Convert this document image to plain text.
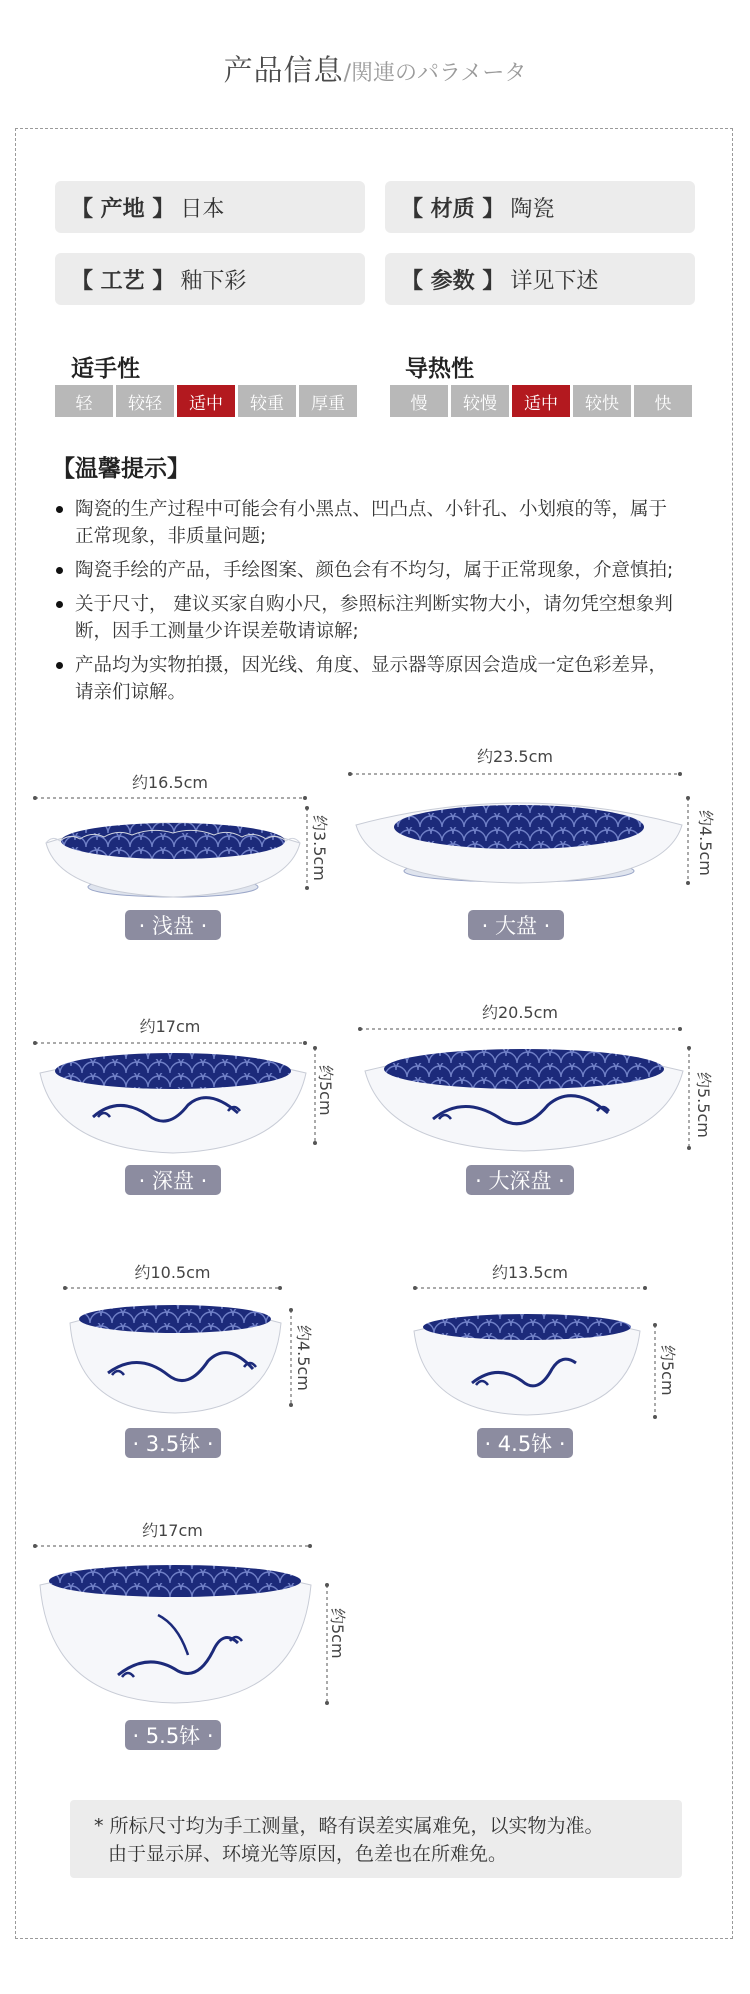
产品信息/関連のパラメータ
【 产地 】 日本	【 材质 】 陶瓷
【 工艺 】 釉下彩	【 参数 】 详见下述
适手性
轻	较轻	适中	较重	厚重
导热性
慢	较慢	适中	较快	快
【温馨提示】
陶瓷的生产过程中可能会有小黑点、凹凸点、小针孔、小划痕的等，属于正常现象，非质量问题;
陶瓷手绘的产品，手绘图案、颜色会有不均匀，属于正常现象，介意慎拍;
关于尺寸， 建议买家自购小尺，参照标注判断实物大小，请勿凭空想象判断，因手工测量少许误差敬请谅解;
产品均为实物拍摄，因光线、角度、显示器等原因会造成一定色彩差异，请亲们谅解。
约16.5cm
约3.5cm
· 浅盘 ·
约23.5cm
约4.5cm
· 大盘 ·
约17cm
约5cm
· 深盘 ·
约20.5cm
约5.5cm
· 大深盘 ·
约10.5cm
约4.5cm
· 3.5钵 ·
约13.5cm
约5cm
· 4.5钵 ·
约17cm
约5cm
· 5.5钵 ·
* 所标尺寸均为手工测量，略有误差实属难免，以实物为准。
由于显示屏、环境光等原因，色差也在所难免。
